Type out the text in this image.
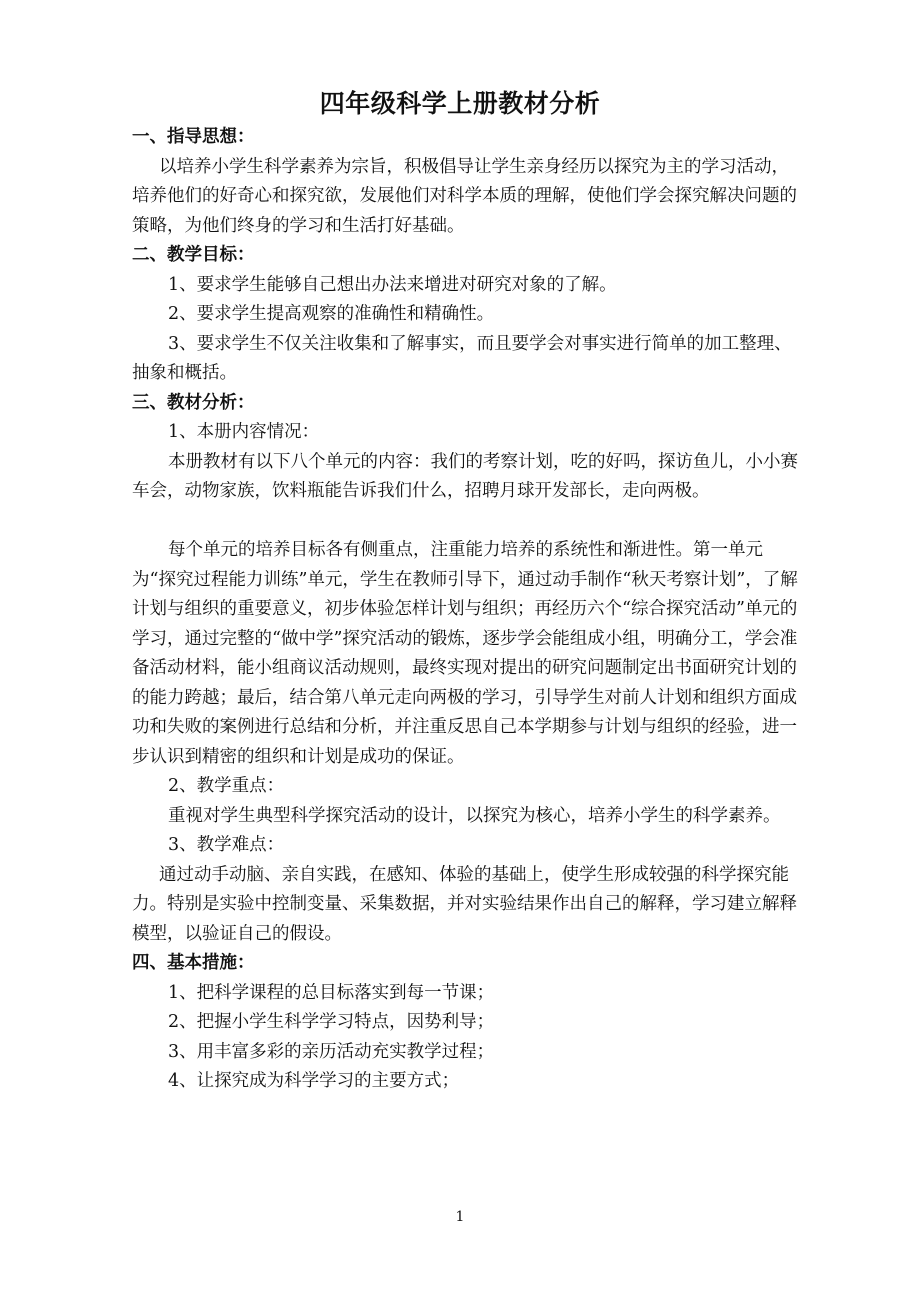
四年级科学上册教材分析

一、指导思想：

以培养小学生科学素养为宗旨，积极倡导让学生亲身经历以探究为主的学习活动，培养他们的好奇心和探究欲，发展他们对科学本质的理解，使他们学会探究解决问题的策略，为他们终身的学习和生活打好基础。

二、教学目标：

1、要求学生能够自己想出办法来增进对研究对象的了解。

2、要求学生提高观察的准确性和精确性。

3、要求学生不仅关注收集和了解事实，而且要学会对事实进行简单的加工整理、抽象和概括。

三、教材分析：

1、本册内容情况：

本册教材有以下八个单元的内容：我们的考察计划，吃的好吗，探访鱼儿，小小赛车会，动物家族，饮料瓶能告诉我们什么，招聘月球开发部长，走向两极。

每个单元的培养目标各有侧重点，注重能力培养的系统性和渐进性。第一单元为“探究过程能力训练”单元，学生在教师引导下，通过动手制作“秋天考察计划”，了解计划与组织的重要意义，初步体验怎样计划与组织；再经历六个“综合探究活动”单元的学习，通过完整的“做中学”探究活动的锻炼，逐步学会能组成小组，明确分工，学会准备活动材料，能小组商议活动规则，最终实现对提出的研究问题制定出书面研究计划的的能力跨越；最后，结合第八单元走向两极的学习，引导学生对前人计划和组织方面成功和失败的案例进行总结和分析，并注重反思自己本学期参与计划与组织的经验，进一步认识到精密的组织和计划是成功的保证。

2、教学重点：

重视对学生典型科学探究活动的设计，以探究为核心，培养小学生的科学素养。

3、教学难点：

通过动手动脑、亲自实践，在感知、体验的基础上，使学生形成较强的科学探究能力。特别是实验中控制变量、采集数据，并对实验结果作出自己的解释，学习建立解释模型，以验证自己的假设。

四、基本措施：

1、把科学课程的总目标落实到每一节课；

2、把握小学生科学学习特点，因势利导；

3、用丰富多彩的亲历活动充实教学过程；

4、让探究成为科学学习的主要方式；

1
